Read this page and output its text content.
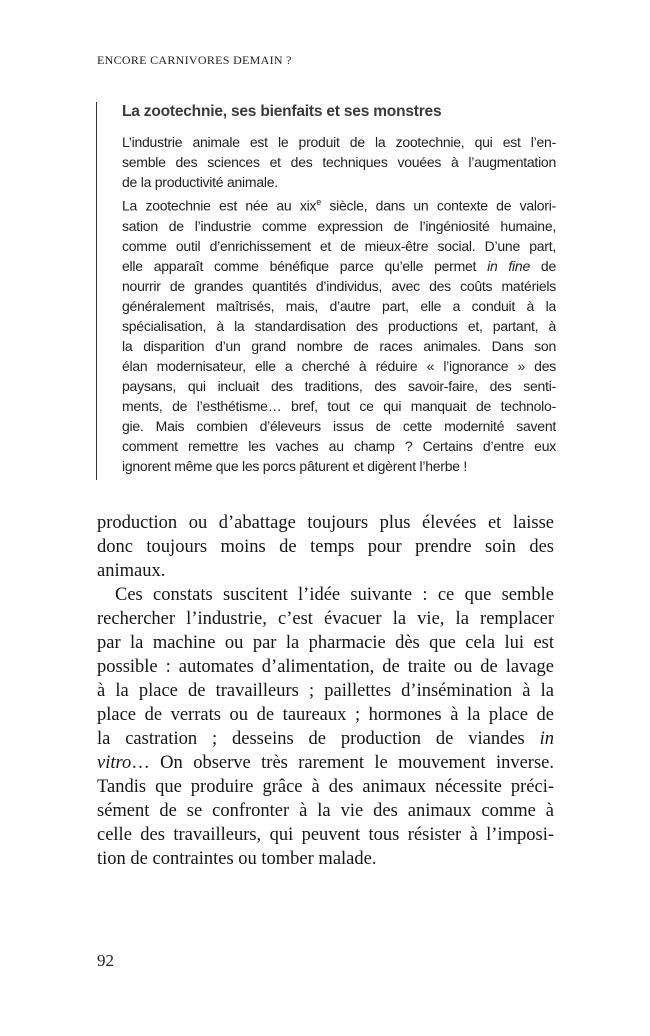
ENCORE CARNIVORES DEMAIN ?
La zootechnie, ses bienfaits et ses monstres
L’industrie animale est le produit de la zootechnie, qui est l’en-
semble des sciences et des techniques vouées à l’augmentation
de la productivité animale.
La zootechnie est née au xix$^e$ siècle, dans un contexte de valori-
sation de l’industrie comme expression de l’ingéniosité humaine,
comme outil d’enrichissement et de mieux-être social. D’une part,
elle apparaît comme bénéfique parce qu’elle permet in fine de
nourrir de grandes quantités d’individus, avec des coûts matériels
généralement maîtrisés, mais, d’autre part, elle a conduit à la
spécialisation, à la standardisation des productions et, partant, à
la disparition d’un grand nombre de races animales. Dans son
élan modernisateur, elle a cherché à réduire « l’ignorance » des
paysans, qui incluait des traditions, des savoir-faire, des senti-
ments, de l’esthétisme… bref, tout ce qui manquait de technolo-
gie. Mais combien d’éleveurs issus de cette modernité savent
comment remettre les vaches au champ ? Certains d’entre eux
ignorent même que les porcs pâturent et digèrent l’herbe !
production ou d’abattage toujours plus élevées et laisse
donc toujours moins de temps pour prendre soin des
animaux.
Ces constats suscitent l’idée suivante : ce que semble
rechercher l’industrie, c’est évacuer la vie, la remplacer
par la machine ou par la pharmacie dès que cela lui est
possible : automates d’alimentation, de traite ou de lavage
à la place de travailleurs ; paillettes d’insémination à la
place de verrats ou de taureaux ; hormones à la place de
la castration ; desseins de production de viandes in
vitro… On observe très rarement le mouvement inverse.
Tandis que produire grâce à des animaux nécessite préci-
sément de se confronter à la vie des animaux comme à
celle des travailleurs, qui peuvent tous résister à l’imposi-
tion de contraintes ou tomber malade.
92
